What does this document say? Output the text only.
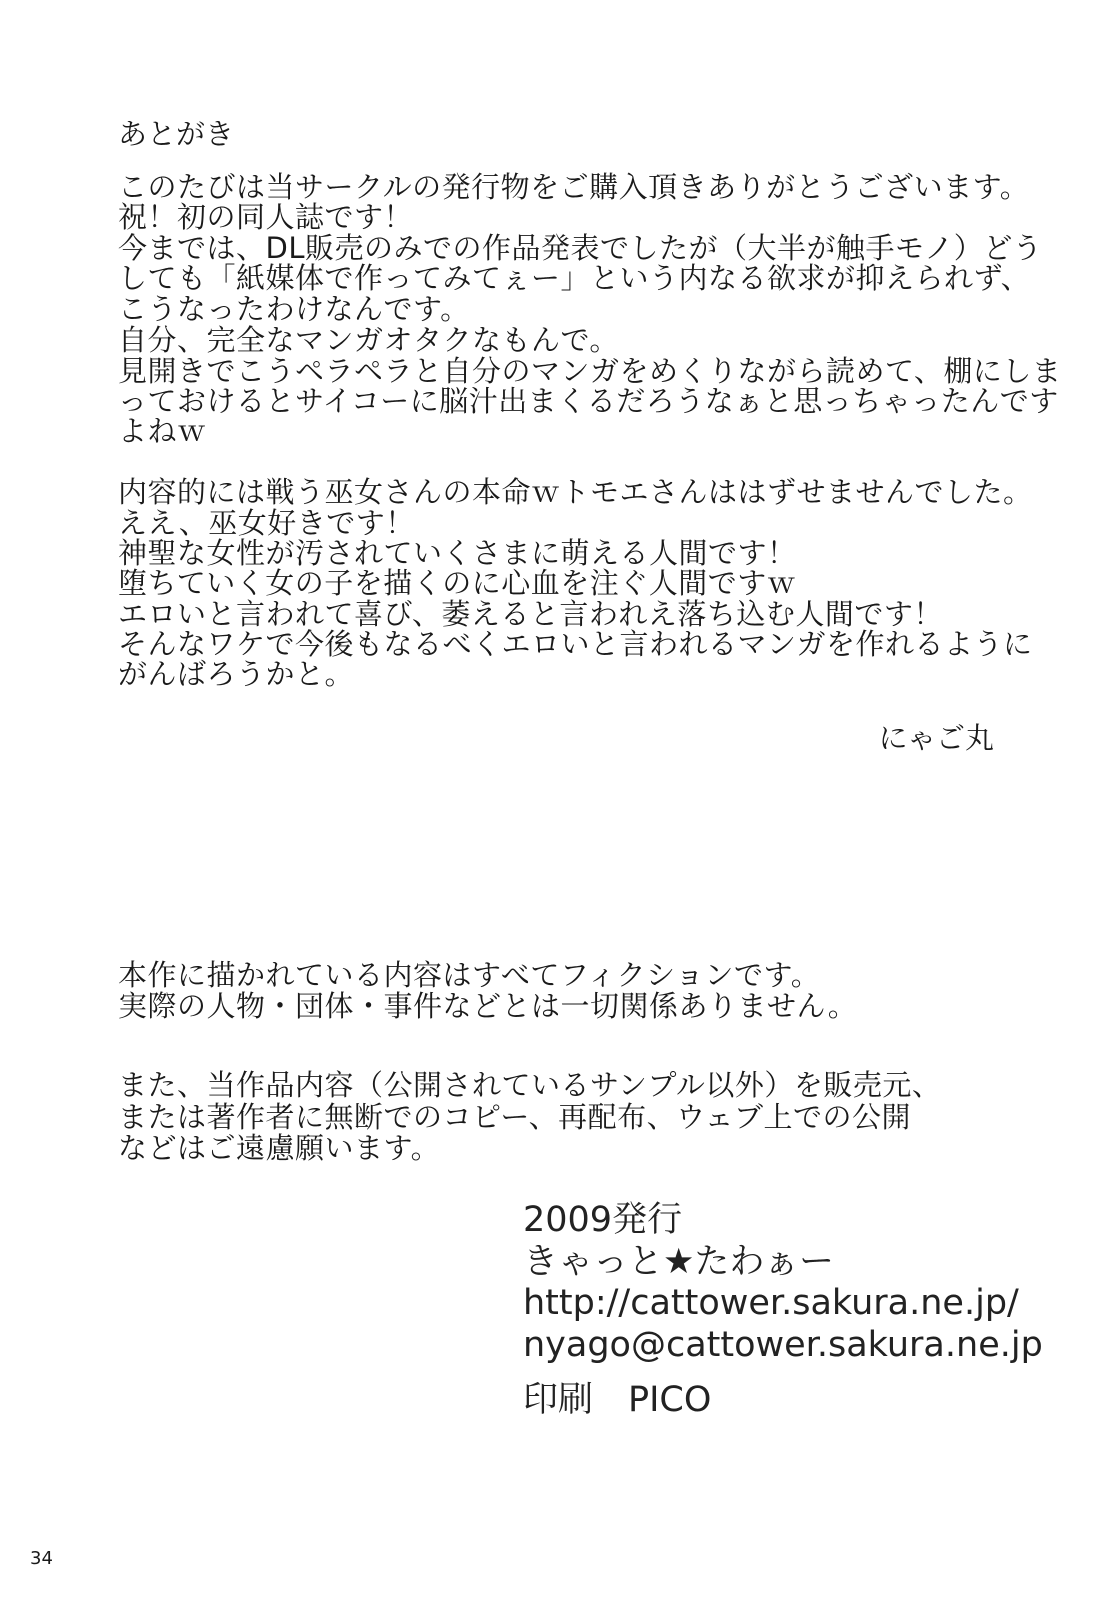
あとがき
このたびは当サークルの発行物をご購入頂きありがとうございます。
祝！初の同人誌です！
今までは、DL販売のみでの作品発表でしたが（大半が触手モノ）どう
しても「紙媒体で作ってみてぇー」という内なる欲求が抑えられず、
こうなったわけなんです。
自分、完全なマンガオタクなもんで。
見開きでこうペラペラと自分のマンガをめくりながら読めて、棚にしま
っておけるとサイコーに脳汁出まくるだろうなぁと思っちゃったんです
よねｗ
内容的には戦う巫女さんの本命ｗトモエさんははずせませんでした。
ええ、巫女好きです！
神聖な女性が汚されていくさまに萌える人間です！
堕ちていく女の子を描くのに心血を注ぐ人間ですｗ
エロいと言われて喜び、萎えると言われえ落ち込む人間です！
そんなワケで今後もなるべくエロいと言われるマンガを作れるように
がんばろうかと。
にゃご丸
本作に描かれている内容はすべてフィクションです。
実際の人物・団体・事件などとは一切関係ありません。
また、当作品内容（公開されているサンプル以外）を販売元、
または著作者に無断でのコピー、再配布、ウェブ上での公開
などはご遠慮願います。
2009発行
きゃっと★たわぁー
http://cattower.sakura.ne.jp/
nyago@cattower.sakura.ne.jp
印刷　PICO
34
